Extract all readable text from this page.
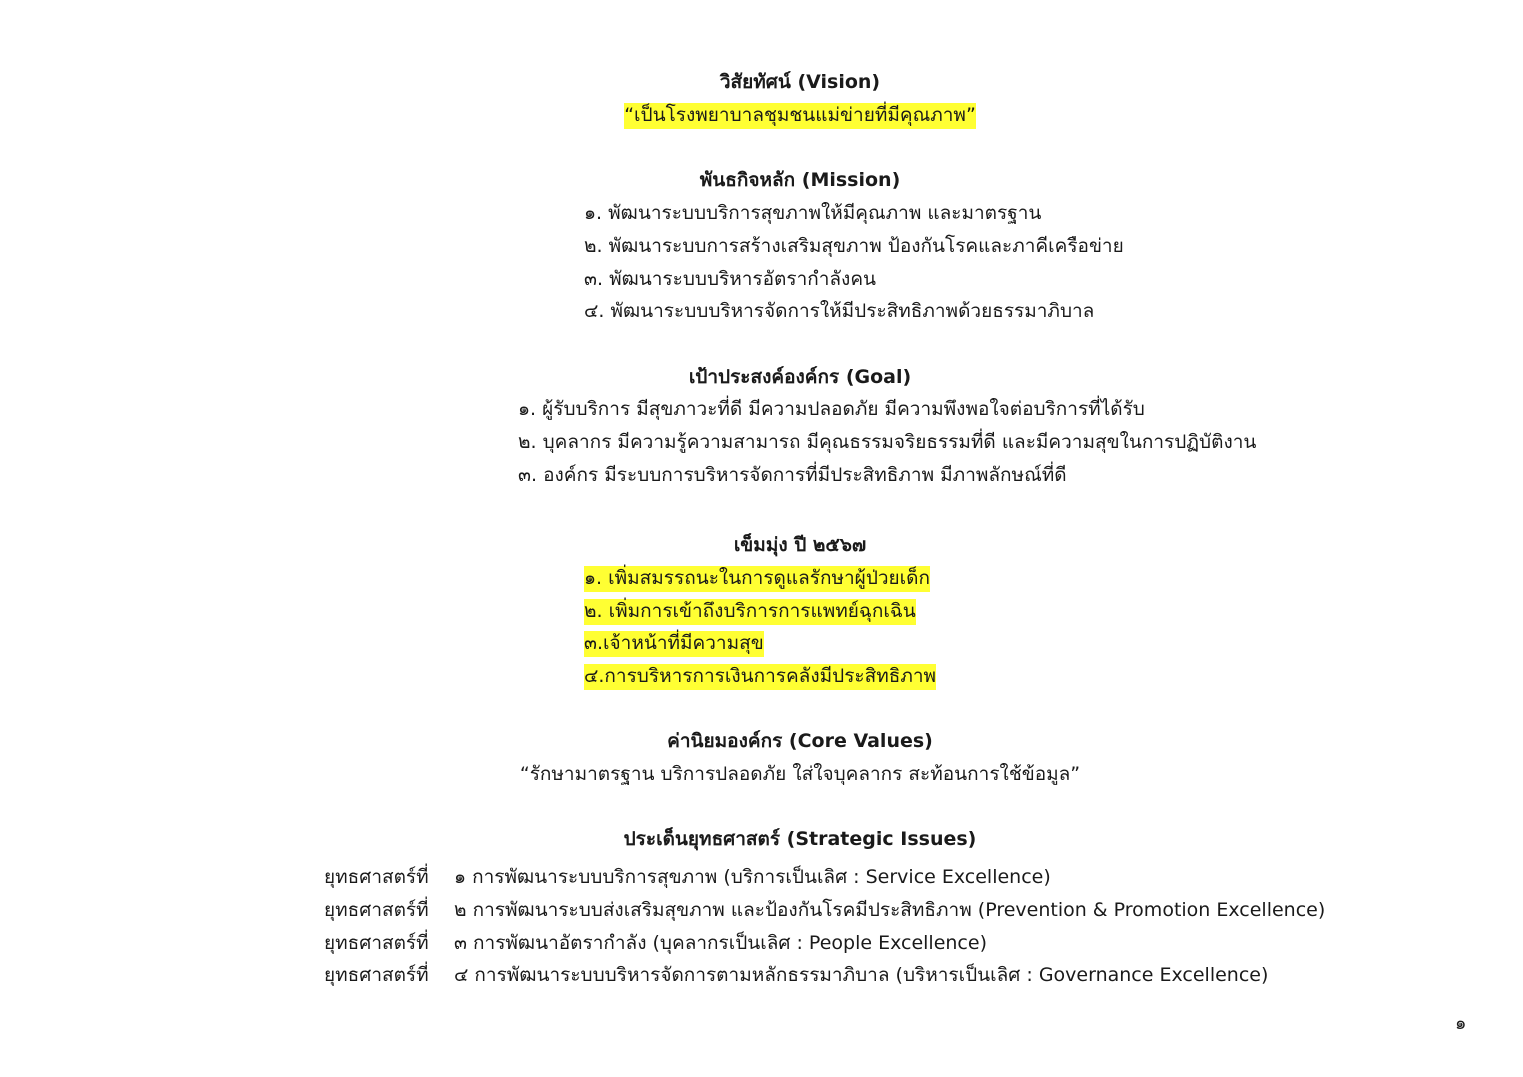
วิสัยทัศน์ (Vision)
“เป็นโรงพยาบาลชุมชนแม่ข่ายที่มีคุณภาพ”
พันธกิจหลัก (Mission)
๑. พัฒนาระบบบริการสุขภาพให้มีคุณภาพ และมาตรฐาน
๒. พัฒนาระบบการสร้างเสริมสุขภาพ ป้องกันโรคและภาคีเครือข่าย
๓. พัฒนาระบบบริหารอัตรากำลังคน
๔. พัฒนาระบบบริหารจัดการให้มีประสิทธิภาพด้วยธรรมาภิบาล
เป้าประสงค์องค์กร (Goal)
๑. ผู้รับบริการ มีสุขภาวะที่ดี มีความปลอดภัย มีความพึงพอใจต่อบริการที่ได้รับ
๒. บุคลากร มีความรู้ความสามารถ มีคุณธรรมจริยธรรมที่ดี และมีความสุขในการปฏิบัติงาน
๓. องค์กร มีระบบการบริหารจัดการที่มีประสิทธิภาพ มีภาพลักษณ์ที่ดี
เข็มมุ่ง ปี ๒๕๖๗
๑. เพิ่มสมรรถนะในการดูแลรักษาผู้ป่วยเด็ก
๒. เพิ่มการเข้าถึงบริการการแพทย์ฉุกเฉิน
๓.เจ้าหน้าที่มีความสุข
๔.การบริหารการเงินการคลังมีประสิทธิภาพ
ค่านิยมองค์กร (Core Values)
“รักษามาตรฐาน บริการปลอดภัย ใส่ใจบุคลากร สะท้อนการใช้ข้อมูล”
ประเด็นยุทธศาสตร์ (Strategic Issues)
ยุทธศาสตร์ที่ ๑ การพัฒนาระบบบริการสุขภาพ (บริการเป็นเลิศ : Service Excellence)
ยุทธศาสตร์ที่ ๒ การพัฒนาระบบส่งเสริมสุขภาพ และป้องกันโรคมีประสิทธิภาพ (Prevention & Promotion Excellence)
ยุทธศาสตร์ที่ ๓ การพัฒนาอัตรากำลัง (บุคลากรเป็นเลิศ : People Excellence)
ยุทธศาสตร์ที่ ๔ การพัฒนาระบบบริหารจัดการตามหลักธรรมาภิบาล (บริหารเป็นเลิศ : Governance Excellence)
๑
